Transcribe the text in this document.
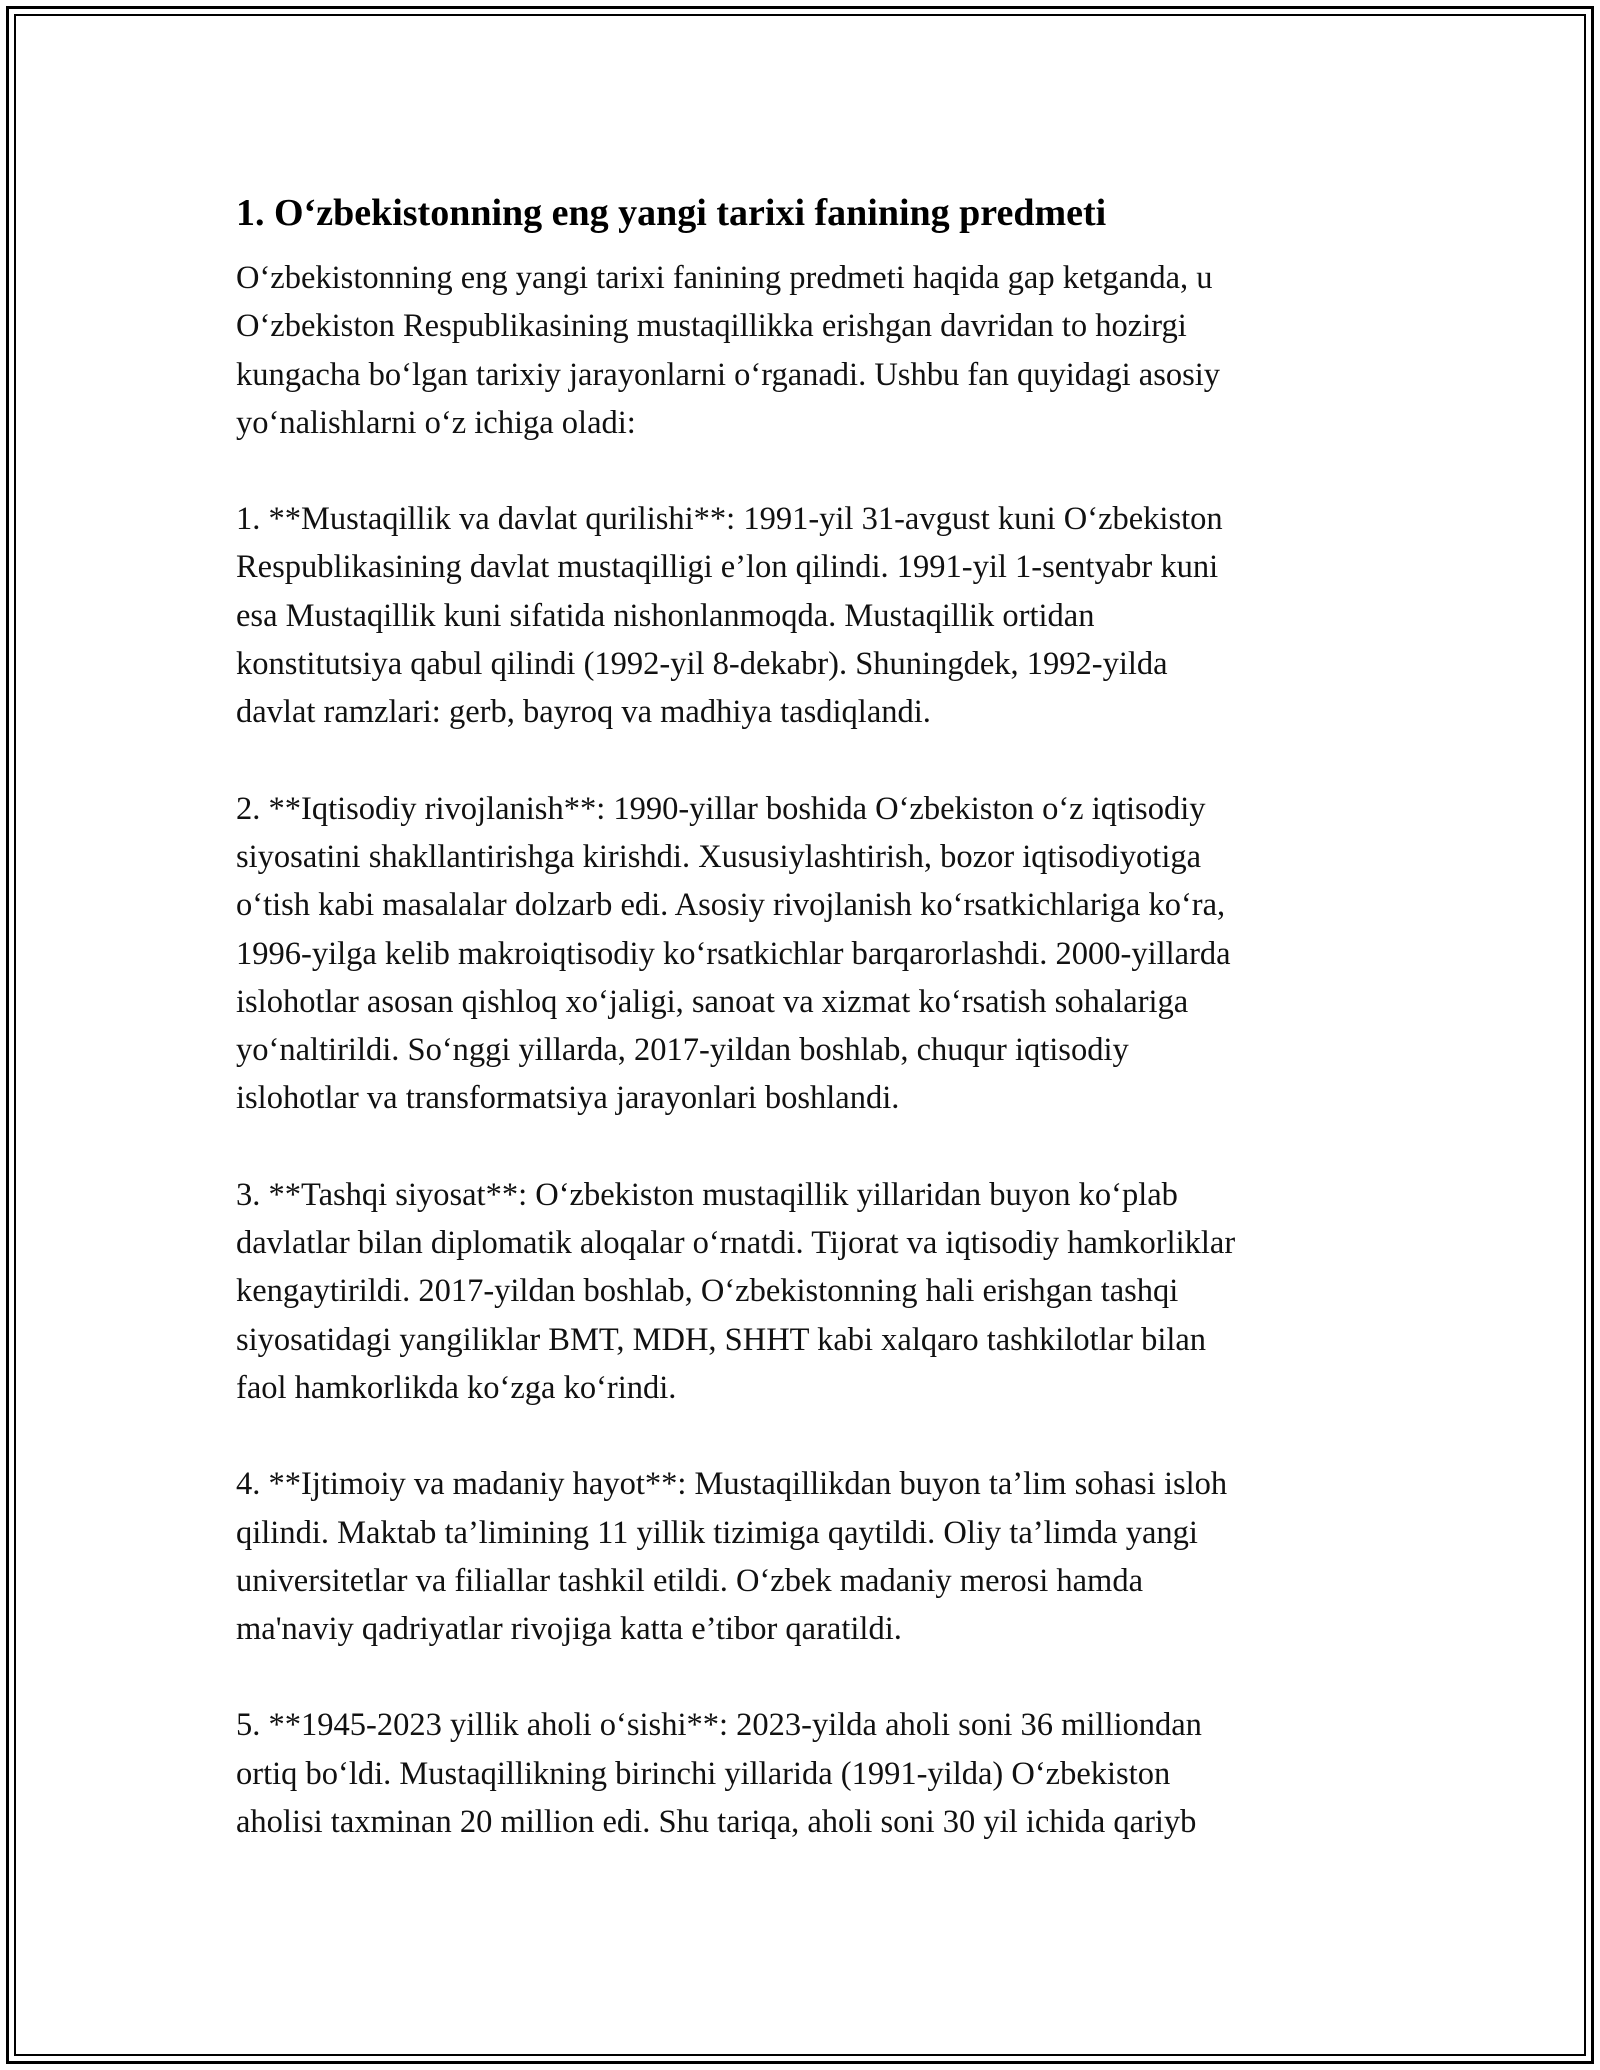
1. O‘zbekistonning eng yangi tarixi fanining predmeti
O‘zbekistonning eng yangi tarixi fanining predmeti haqida gap ketganda, u
O‘zbekiston Respublikasining mustaqillikka erishgan davridan to hozirgi
kungacha bo‘lgan tarixiy jarayonlarni o‘rganadi. Ushbu fan quyidagi asosiy
yo‘nalishlarni o‘z ichiga oladi:
1. **Mustaqillik va davlat qurilishi**: 1991-yil 31-avgust kuni O‘zbekiston
Respublikasining davlat mustaqilligi e’lon qilindi. 1991-yil 1-sentyabr kuni
esa Mustaqillik kuni sifatida nishonlanmoqda. Mustaqillik ortidan
konstitutsiya qabul qilindi (1992-yil 8-dekabr). Shuningdek, 1992-yilda
davlat ramzlari: gerb, bayroq va madhiya tasdiqlandi.
2. **Iqtisodiy rivojlanish**: 1990-yillar boshida O‘zbekiston o‘z iqtisodiy
siyosatini shakllantirishga kirishdi. Xususiylashtirish, bozor iqtisodiyotiga
o‘tish kabi masalalar dolzarb edi. Asosiy rivojlanish ko‘rsatkichlariga ko‘ra,
1996-yilga kelib makroiqtisodiy ko‘rsatkichlar barqarorlashdi. 2000-yillarda
islohotlar asosan qishloq xo‘jaligi, sanoat va xizmat ko‘rsatish sohalariga
yo‘naltirildi. So‘nggi yillarda, 2017-yildan boshlab, chuqur iqtisodiy
islohotlar va transformatsiya jarayonlari boshlandi.
3. **Tashqi siyosat**: O‘zbekiston mustaqillik yillaridan buyon ko‘plab
davlatlar bilan diplomatik aloqalar o‘rnatdi. Tijorat va iqtisodiy hamkorliklar
kengaytirildi. 2017-yildan boshlab, O‘zbekistonning hali erishgan tashqi
siyosatidagi yangiliklar BMT, MDH, SHHT kabi xalqaro tashkilotlar bilan
faol hamkorlikda ko‘zga ko‘rindi.
4. **Ijtimoiy va madaniy hayot**: Mustaqillikdan buyon ta’lim sohasi isloh
qilindi. Maktab ta’limining 11 yillik tizimiga qaytildi. Oliy ta’limda yangi
universitetlar va filiallar tashkil etildi. O‘zbek madaniy merosi hamda
ma'naviy qadriyatlar rivojiga katta e’tibor qaratildi.
5. **1945-2023 yillik aholi o‘sishi**: 2023-yilda aholi soni 36 milliondan
ortiq bo‘ldi. Mustaqillikning birinchi yillarida (1991-yilda) O‘zbekiston
aholisi taxminan 20 million edi. Shu tariqa, aholi soni 30 yil ichida qariyb
